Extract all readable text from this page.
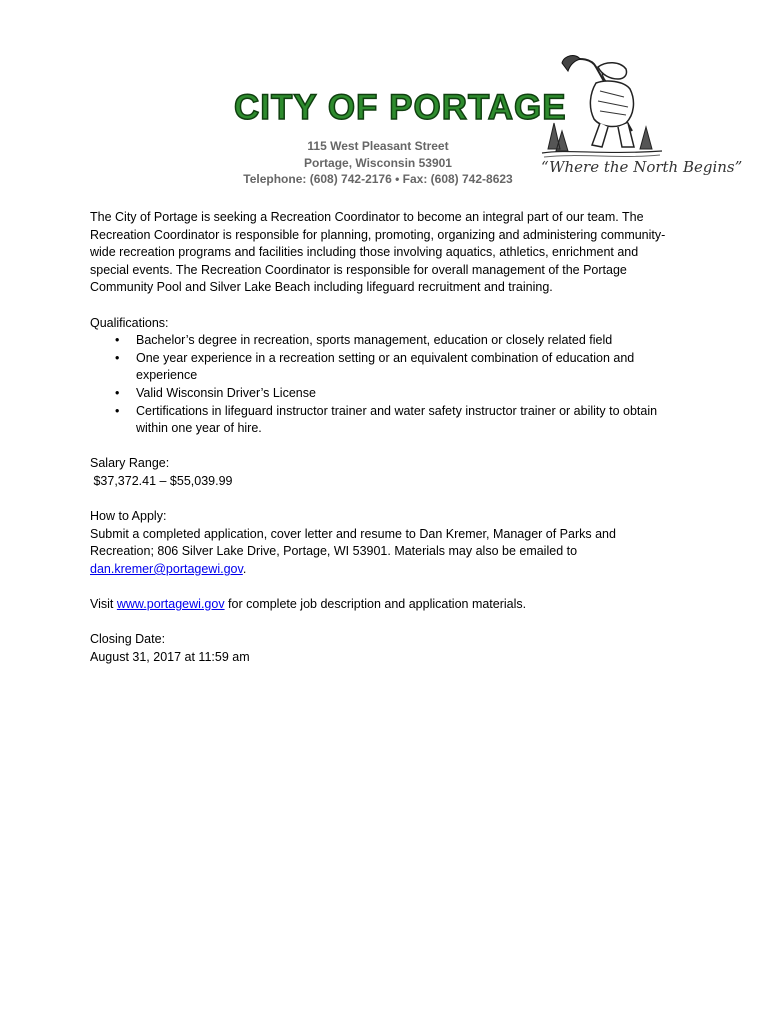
CITY OF PORTAGE
115 West Pleasant Street
Portage, Wisconsin 53901
Telephone: (608) 742-2176 • Fax: (608) 742-8623
“Where the North Begins”

The City of Portage is seeking a Recreation Coordinator to become an integral part of our team. The Recreation Coordinator is responsible for planning, promoting, organizing and administering community-wide recreation programs and facilities including those involving aquatics, athletics, enrichment and special events. The Recreation Coordinator is responsible for overall management of the Portage Community Pool and Silver Lake Beach including lifeguard recruitment and training.

Qualifications:

• Bachelor’s degree in recreation, sports management, education or closely related field
• One year experience in a recreation setting or an equivalent combination of education and experience
• Valid Wisconsin Driver’s License
• Certifications in lifeguard instructor trainer and water safety instructor trainer or ability to obtain within one year of hire.

Salary Range:

$37,372.41 – $55,039.99

How to Apply:

Submit a completed application, cover letter and resume to Dan Kremer, Manager of Parks and Recreation; 806 Silver Lake Drive, Portage, WI 53901. Materials may also be emailed to dan.kremer@portagewi.gov.

Visit www.portagewi.gov for complete job description and application materials.

Closing Date:

August 31, 2017 at 11:59 am
